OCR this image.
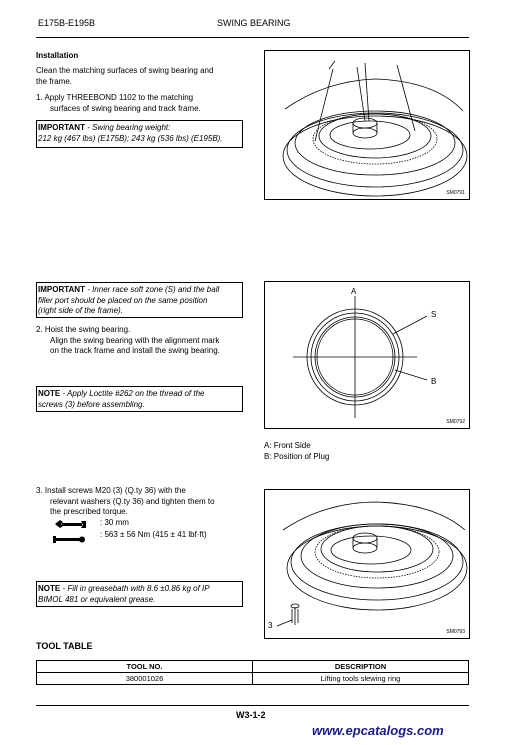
E175B-E195B	SWING BEARING
Installation
Clean the matching surfaces of swing bearing and
the frame.
1. Apply THREEBOND 1102 to the matching
surfaces of swing bearing and track frame.
IMPORTANT - Swing bearing weight:
212 kg (467 lbs) (E175B); 243 kg (536 lbs) (E195B).
SM0791
IMPORTANT - Inner race soft zone (S) and the ball
filler port should be placed on the same position
(right side of the frame).
2. Hoist the swing bearing.
Align the swing bearing with the alignment mark
on the track frame and install the swing bearing.
NOTE - Apply Loctite #262 on the thread of the
screws (3) before assembling.
A
S
B
SM0792
A: Front Side
B: Position of Plug
3. Install screws M20 (3) (Q.ty 36) with the
relevant washers (Q.ty 36) and tighten them to
the prescribed torque.
: 30 mm
: 563 ± 56 Nm (415 ± 41 lbf·ft)
NOTE - Fill in greasebath with 8.6 ±0.86 kg of IP
BIMOL 481 or equivalent grease.
3
SM0793
TOOL TABLE
TOOL NO.	DESCRIPTION
380001026	Lifting tools slewing ring
W3-1-2
www.epcatalogs.com
